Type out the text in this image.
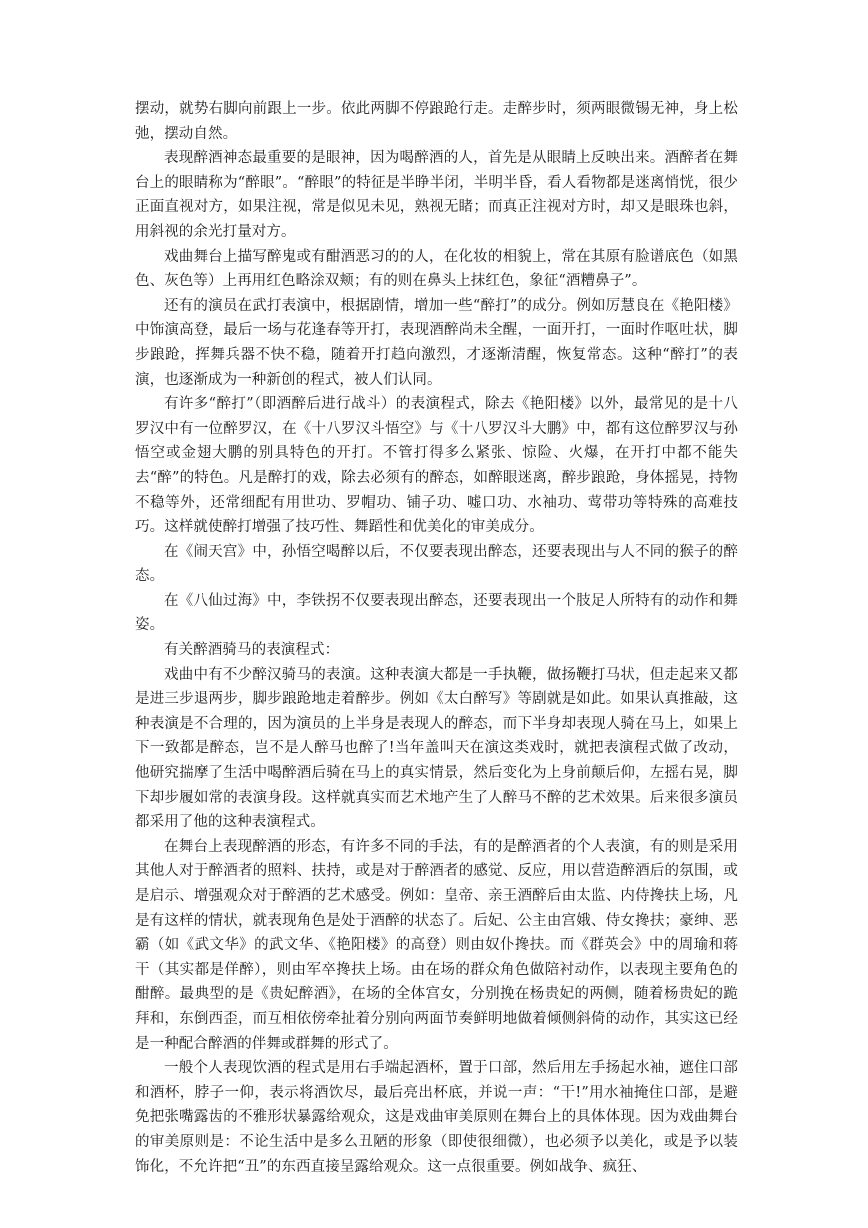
摆动，就势右脚向前跟上一步。依此两脚不停踉跄行走。走醉步时，须两眼微锡无神，身上松弛，摆动自然。

表现醉酒神态最重要的是眼神，因为喝醉酒的人，首先是从眼睛上反映出来。酒醉者在舞台上的眼睛称为“醉眼”。“醉眼”的特征是半睁半闭，半明半昏，看人看物都是迷离悄恍，很少正面直视对方，如果注视，常是似见未见，熟视无睹；而真正注视对方时，却又是眼珠也斜，用斜视的余光打量对方。

戏曲舞台上描写醉鬼或有酣酒恶习的的人，在化妆的相貌上，常在其原有脸谱底色（如黑色、灰色等）上再用红色略涂双颊；有的则在鼻头上抹红色，象征“酒糟鼻子”。

还有的演员在武打表演中，根据剧情，增加一些“醉打”的成分。例如厉慧良在《艳阳楼》中饰演高登，最后一场与花逢春等开打，表现酒醉尚未全醒，一面开打，一面时作呕吐状，脚步踉跄，挥舞兵器不快不稳，随着开打趋向激烈，才逐渐清醒，恢复常态。这种“醉打”的表演，也逐渐成为一种新创的程式，被人们认同。

有许多“醉打”（即酒醉后进行战斗）的表演程式，除去《艳阳楼》以外，最常见的是十八罗汉中有一位醉罗汉，在《十八罗汉斗悟空》与《十八罗汉斗大鹏》中，都有这位醉罗汉与孙悟空或金翅大鹏的别具特色的开打。不管打得多么紧张、惊险、火爆，在开打中都不能失去“醉”的特色。凡是醉打的戏，除去必须有的醉态，如醉眼迷离，醉步踉跄，身体摇晃，持物不稳等外，还常细配有用世功、罗帽功、铺子功、嘘口功、水袖功、莺带功等特殊的高难技巧。这样就使醉打增强了技巧性、舞蹈性和优美化的审美成分。

在《闹天宫》中，孙悟空喝醉以后，不仅要表现出醉态，还要表现出与人不同的猴子的醉态。

在《八仙过海》中，李铁拐不仅要表现出醉态，还要表现出一个肢足人所特有的动作和舞姿。

有关醉酒骑马的表演程式：

戏曲中有不少醉汉骑马的表演。这种表演大都是一手执鞭，做扬鞭打马状，但走起来又都是进三步退两步，脚步踉跄地走着醉步。例如《太白醉写》等剧就是如此。如果认真推敲，这种表演是不合理的，因为演员的上半身是表现人的醉态，而下半身却表现人骑在马上，如果上下一致都是醉态，岂不是人醉马也醉了!当年盖叫天在演这类戏时，就把表演程式做了改动，他研究揣摩了生活中喝醉酒后骑在马上的真实情景，然后变化为上身前颠后仰，左摇右晃，脚下却步履如常的表演身段。这样就真实而艺术地产生了人醉马不醉的艺术效果。后来很多演员都采用了他的这种表演程式。

在舞台上表现醉酒的形态，有许多不同的手法，有的是醉酒者的个人表演，有的则是采用其他人对于醉酒者的照料、扶持，或是对于醉酒者的感觉、反应，用以营造醉酒后的氛围，或是启示、增强观众对于醉酒的艺术感受。例如：皇帝、亲王酒醉后由太监、内侍搀扶上场，凡是有这样的情状，就表现角色是处于酒醉的状态了。后妃、公主由宫娥、侍女搀扶；豪绅、恶霸（如《武文华》的武文华、《艳阳楼》的高登）则由奴仆搀扶。而《群英会》中的周瑜和蒋干（其实都是佯醉），则由军卒搀扶上场。由在场的群众角色做陪衬动作，以表现主要角色的酣醉。最典型的是《贵妃醉酒》，在场的全体宫女，分别挽在杨贵妃的两侧，随着杨贵妃的跪拜和，东倒西歪，而互相依傍牵扯着分别向两面节奏鲜明地做着倾侧斜倚的动作，其实这已经是一种配合醉酒的伴舞或群舞的形式了。

一般个人表现饮酒的程式是用右手端起酒杯，置于口部，然后用左手扬起水袖，遮住口部和酒杯，脖子一仰，表示将酒饮尽，最后亮出杯底，并说一声：“干!”用水袖掩住口部，是避免把张嘴露齿的不雅形状暴露给观众，这是戏曲审美原则在舞台上的具体体现。因为戏曲舞台的审美原则是：不论生活中是多么丑陋的形象（即使很细微），也必须予以美化，或是予以装饰化，不允许把“丑”的东西直接呈露给观众。这一点很重要。例如战争、疯狂、
